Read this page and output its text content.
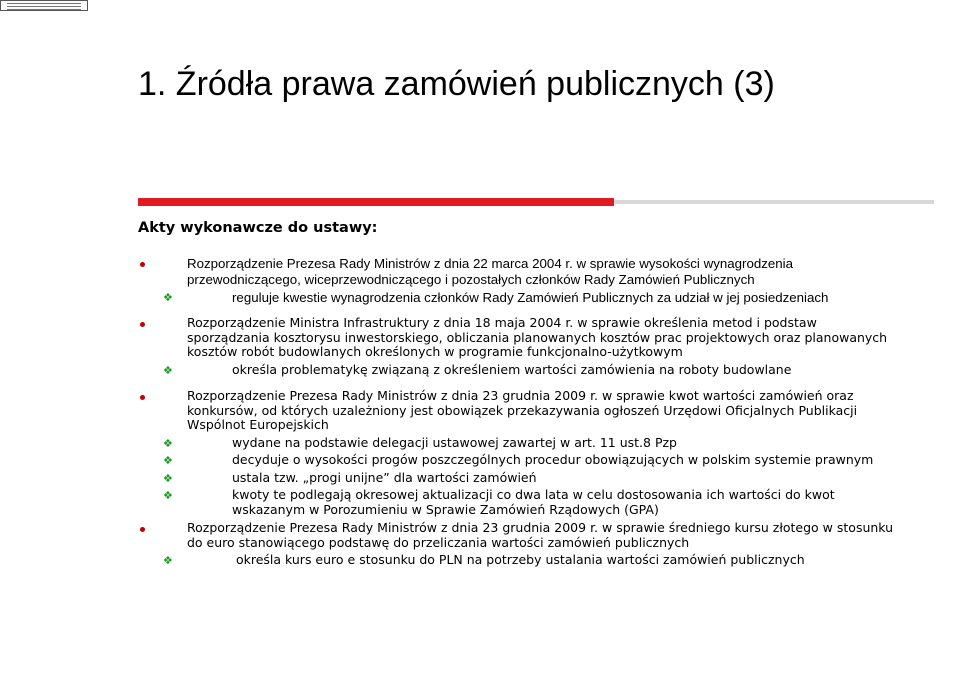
1. Źródła prawa zamówień publicznych (3)
Akty wykonawcze do ustawy:
Rozporządzenie Prezesa Rady Ministrów z dnia 22 marca 2004 r. w sprawie wysokości wynagrodzenia
przewodniczącego, wiceprzewodniczącego i pozostałych członków Rady Zamówień Publicznych
❖	reguluje kwestie wynagrodzenia członków Rady Zamówień Publicznych za udział w jej posiedzeniach
Rozporządzenie Ministra Infrastruktury z dnia 18 maja 2004 r. w sprawie określenia metod i podstaw
sporządzania kosztorysu inwestorskiego, obliczania planowanych kosztów prac projektowych oraz planowanych
kosztów robót budowlanych określonych w programie funkcjonalno-użytkowym
❖	określa problematykę związaną z określeniem wartości zamówienia na roboty budowlane
Rozporządzenie Prezesa Rady Ministrów z dnia 23 grudnia 2009 r. w sprawie kwot wartości zamówień oraz
konkursów, od których uzależniony jest obowiązek przekazywania ogłoszeń Urzędowi Oficjalnych Publikacji
Wspólnot Europejskich
❖	wydane na podstawie delegacji ustawowej zawartej w art. 11 ust.8 Pzp
❖	decyduje o wysokości progów poszczególnych procedur obowiązujących w polskim systemie prawnym
❖	ustala tzw. „progi unijne” dla wartości zamówień
❖	kwoty te podlegają okresowej aktualizacji co dwa lata w celu dostosowania ich wartości do kwot
wskazanym w Porozumieniu w Sprawie Zamówień Rządowych (GPA)
Rozporządzenie Prezesa Rady Ministrów z dnia 23 grudnia 2009 r. w sprawie średniego kursu złotego w stosunku
do euro stanowiącego podstawę do przeliczania wartości zamówień publicznych
❖	określa kurs euro e stosunku do PLN na potrzeby ustalania wartości zamówień publicznych
